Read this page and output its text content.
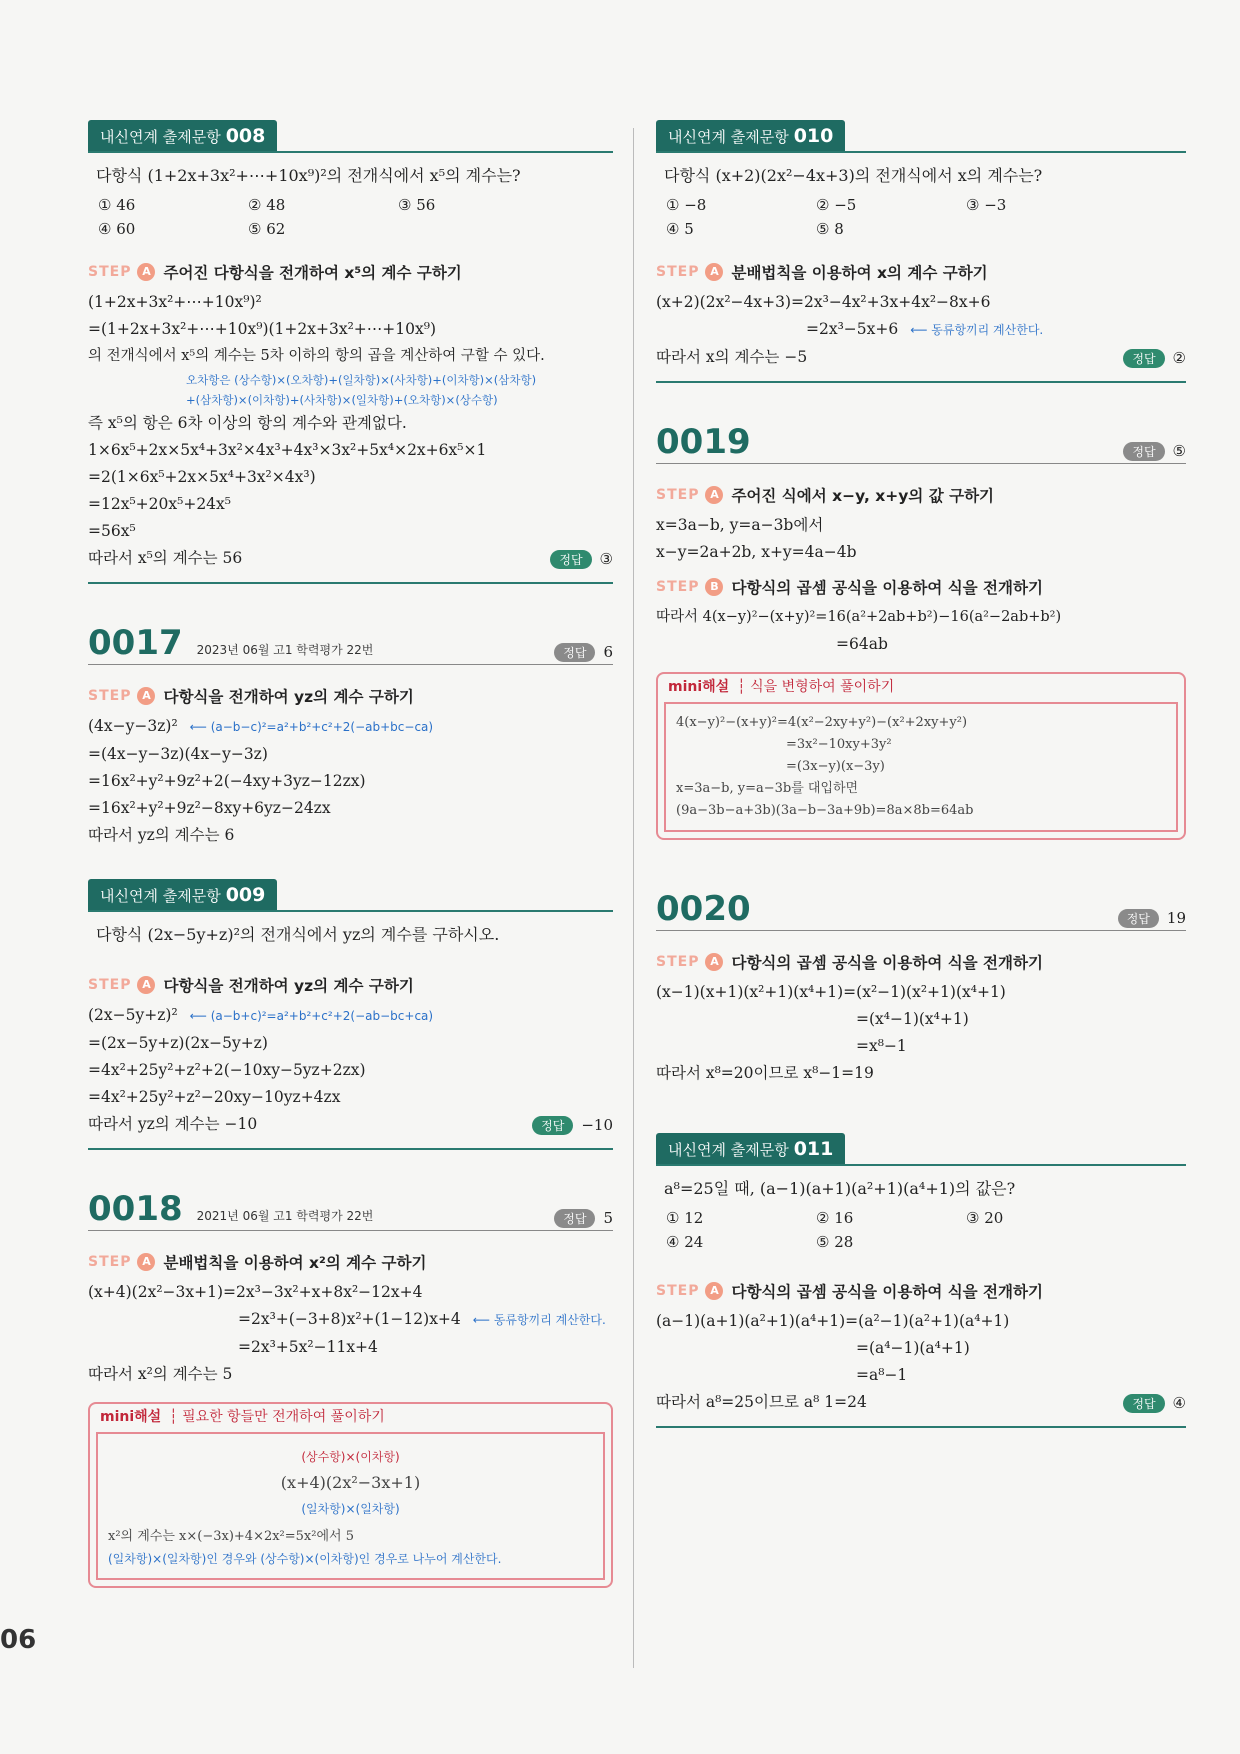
내신연계 출제문항 008
다항식 (1+2x+3x²+⋯+10x⁹)²의 전개식에서 x⁵의 계수는?
① 46	② 48	③ 56
④ 60	⑤ 62
STEP A 주어진 다항식을 전개하여 x⁵의 계수 구하기
(1+2x+3x²+⋯+10x⁹)²
=(1+2x+3x²+⋯+10x⁹)(1+2x+3x²+⋯+10x⁹)
의 전개식에서 x⁵의 계수는 5차 이하의 항의 곱을 계산하여 구할 수 있다.
오차항은 (상수항)×(오차항)+(일차항)×(사차항)+(이차항)×(삼차항)
+(삼차항)×(이차항)+(사차항)×(일차항)+(오차항)×(상수항)
즉 x⁵의 항은 6차 이상의 항의 계수와 관계없다.
1×6x⁵+2x×5x⁴+3x²×4x³+4x³×3x²+5x⁴×2x+6x⁵×1
=2(1×6x⁵+2x×5x⁴+3x²×4x³)
=12x⁵+20x⁵+24x⁵
=56x⁵
따라서 x⁵의 계수는 56	정답 ③
0017 2023년 06월 고1 학력평가 22번	정답 6
STEP A 다항식을 전개하여 yz의 계수 구하기
(4x−y−3z)² ⟵ (a−b−c)²=a²+b²+c²+2(−ab+bc−ca)
=(4x−y−3z)(4x−y−3z)
=16x²+y²+9z²+2(−4xy+3yz−12zx)
=16x²+y²+9z²−8xy+6yz−24zx
따라서 yz의 계수는 6
내신연계 출제문항 009
다항식 (2x−5y+z)²의 전개식에서 yz의 계수를 구하시오.
STEP A 다항식을 전개하여 yz의 계수 구하기
(2x−5y+z)² ⟵ (a−b+c)²=a²+b²+c²+2(−ab−bc+ca)
=(2x−5y+z)(2x−5y+z)
=4x²+25y²+z²+2(−10xy−5yz+2zx)
=4x²+25y²+z²−20xy−10yz+4zx
따라서 yz의 계수는 −10	정답 −10
0018 2021년 06월 고1 학력평가 22번	정답 5
STEP A 분배법칙을 이용하여 x²의 계수 구하기
(x+4)(2x²−3x+1)=2x³−3x²+x+8x²−12x+4
=2x³+(−3+8)x²+(1−12)x+4 ⟵ 동류항끼리 계산한다.
=2x³+5x²−11x+4
따라서 x²의 계수는 5
mini해설 ┆ 필요한 항들만 전개하여 풀이하기
(상수항)×(이차항)
(x+4)(2x²−3x+1)
(일차항)×(일차항)
x²의 계수는 x×(−3x)+4×2x²=5x²에서 5
(일차항)×(일차항)인 경우와 (상수항)×(이차항)인 경우로 나누어 계산한다.
내신연계 출제문항 010
다항식 (x+2)(2x²−4x+3)의 전개식에서 x의 계수는?
① −8	② −5	③ −3
④ 5	⑤ 8
STEP A 분배법칙을 이용하여 x의 계수 구하기
(x+2)(2x²−4x+3)=2x³−4x²+3x+4x²−8x+6
=2x³−5x+6 ⟵ 동류항끼리 계산한다.
따라서 x의 계수는 −5	정답 ②
0019	정답 ⑤
STEP A 주어진 식에서 x−y, x+y의 값 구하기
x=3a−b, y=a−3b에서
x−y=2a+2b, x+y=4a−4b
STEP B 다항식의 곱셈 공식을 이용하여 식을 전개하기
따라서 4(x−y)²−(x+y)²=16(a²+2ab+b²)−16(a²−2ab+b²)
=64ab
mini해설 ┆ 식을 변형하여 풀이하기
4(x−y)²−(x+y)²=4(x²−2xy+y²)−(x²+2xy+y²)
=3x²−10xy+3y²
=(3x−y)(x−3y)
x=3a−b, y=a−3b를 대입하면
(9a−3b−a+3b)(3a−b−3a+9b)=8a×8b=64ab
0020	정답 19
STEP A 다항식의 곱셈 공식을 이용하여 식을 전개하기
(x−1)(x+1)(x²+1)(x⁴+1)=(x²−1)(x²+1)(x⁴+1)
=(x⁴−1)(x⁴+1)
=x⁸−1
따라서 x⁸=20이므로 x⁸−1=19
내신연계 출제문항 011
a⁸=25일 때, (a−1)(a+1)(a²+1)(a⁴+1)의 값은?
① 12	② 16	③ 20
④ 24	⑤ 28
STEP A 다항식의 곱셈 공식을 이용하여 식을 전개하기
(a−1)(a+1)(a²+1)(a⁴+1)=(a²−1)(a²+1)(a⁴+1)
=(a⁴−1)(a⁴+1)
=a⁸−1
따라서 a⁸=25이므로 a⁸ 1=24	정답 ④
06
